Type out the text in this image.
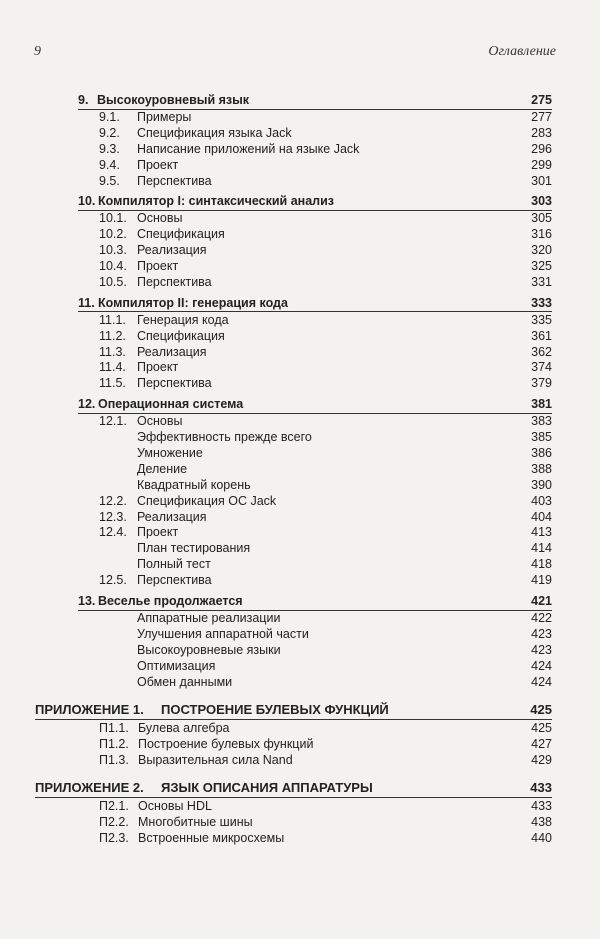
9	Оглавление
9. Высокоуровневый язык	275
9.1. Примеры	277
9.2. Спецификация языка Jack	283
9.3. Написание приложений на языке Jack	296
9.4. Проект	299
9.5. Перспектива	301
10. Компилятор I: синтаксический анализ	303
10.1. Основы	305
10.2. Спецификация	316
10.3. Реализация	320
10.4. Проект	325
10.5. Перспектива	331
11. Компилятор II: генерация кода	333
11.1. Генерация кода	335
11.2. Спецификация	361
11.3. Реализация	362
11.4. Проект	374
11.5. Перспектива	379
12. Операционная система	381
12.1. Основы	383
Эффективность прежде всего	385
Умножение	386
Деление	388
Квадратный корень	390
12.2. Спецификация ОС Jack	403
12.3. Реализация	404
12.4. Проект	413
План тестирования	414
Полный тест	418
12.5. Перспектива	419
13. Веселье продолжается	421
Аппаратные реализации	422
Улучшения аппаратной части	423
Высокоуровневые языки	423
Оптимизация	424
Обмен данными	424
ПРИЛОЖЕНИЕ 1. ПОСТРОЕНИЕ БУЛЕВЫХ ФУНКЦИЙ	425
П1.1. Булева алгебра	425
П1.2. Построение булевых функций	427
П1.3. Выразительная сила Nand	429
ПРИЛОЖЕНИЕ 2. ЯЗЫК ОПИСАНИЯ АППАРАТУРЫ	433
П2.1. Основы HDL	433
П2.2. Многобитные шины	438
П2.3. Встроенные микросхемы	440
